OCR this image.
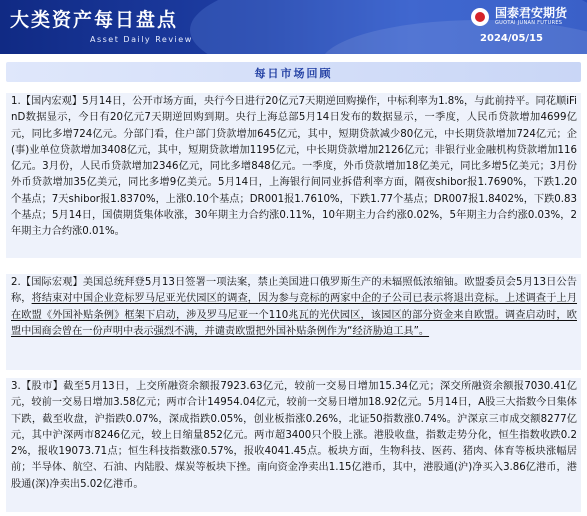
大类资产每日盘点
Asset Daily Review
国泰君安期货
GUOTAI JUNAN FUTURES
2024/05/15
每日市场回顾

1.【国内宏观】5月14日，公开市场方面，央行今日进行20亿元7天期逆回购操作，中标利率为1.8%，与此前持平。同花顺iFinD数据显示，今日有20亿元7天期逆回购到期。央行上海总部5月14日发布的数据显示，一季度，人民币贷款增加4699亿元，同比多增724亿元。分部门看，住户部门贷款增加645亿元，其中，短期贷款减少80亿元，中长期贷款增加724亿元；企(事)业单位贷款增加3408亿元，其中，短期贷款增加1195亿元，中长期贷款增加2126亿元；非银行业金融机构贷款增加116亿元。3月份，人民币贷款增加2346亿元，同比多增848亿元。一季度，外币贷款增加18亿美元，同比多增5亿美元；3月份外币贷款增加35亿美元，同比多增9亿美元。5月14日，上海银行间同业拆借利率方面，隔夜shibor报1.7690%，下跌1.20个基点；7天shibor报1.8370%，上涨0.10个基点；DR001报1.7610%，下跌1.77个基点；DR007报1.8402%，下跌0.83个基点；5月14日，国债期货集体收涨，30年期主力合约涨0.11%，10年期主力合约涨0.02%，5年期主力合约涨0.03%，2年期主力合约涨0.01%。

2.【国际宏观】美国总统拜登5月13日签署一项法案，禁止美国进口俄罗斯生产的未辐照低浓缩铀。欧盟委员会5月13日公告称，将结束对中国企业竞标罗马尼亚光伏园区的调查，因为参与竞标的两家中企的子公司已表示将退出竞标。上述调查于上月在欧盟《外国补贴条例》框架下启动，涉及罗马尼亚一个110兆瓦的光伏园区，该园区的部分资金来自欧盟。调查启动时，欧盟中国商会曾在一份声明中表示强烈不满，并谴责欧盟把外国补贴条例作为“经济胁迫工具”。

3.【股市】截至5月13日，上交所融资余额报7923.63亿元，较前一交易日增加15.34亿元；深交所融资余额报7030.41亿元，较前一交易日增加3.58亿元；两市合计14954.04亿元，较前一交易日增加18.92亿元。5月14日，A股三大指数今日集体下跌，截至收盘，沪指跌0.07%，深成指跌0.05%，创业板指涨0.26%，北证50指数涨0.74%。沪深京三市成交额8277亿元，其中沪深两市8246亿元，较上日缩量852亿元。两市超3400只个股上涨。港股收盘，指数走势分化，恒生指数收跌0.22%，报收19073.71点；恒生科技指数涨0.57%，报收4041.45点。板块方面，生物科技、医药、猪肉、体育等板块涨幅居前；半导体、航空、石油、内陆股、煤炭等板块下挫。南向资金净卖出1.15亿港币，其中，港股通(沪)净买入3.86亿港币，港股通(深)净卖出5.02亿港币。
